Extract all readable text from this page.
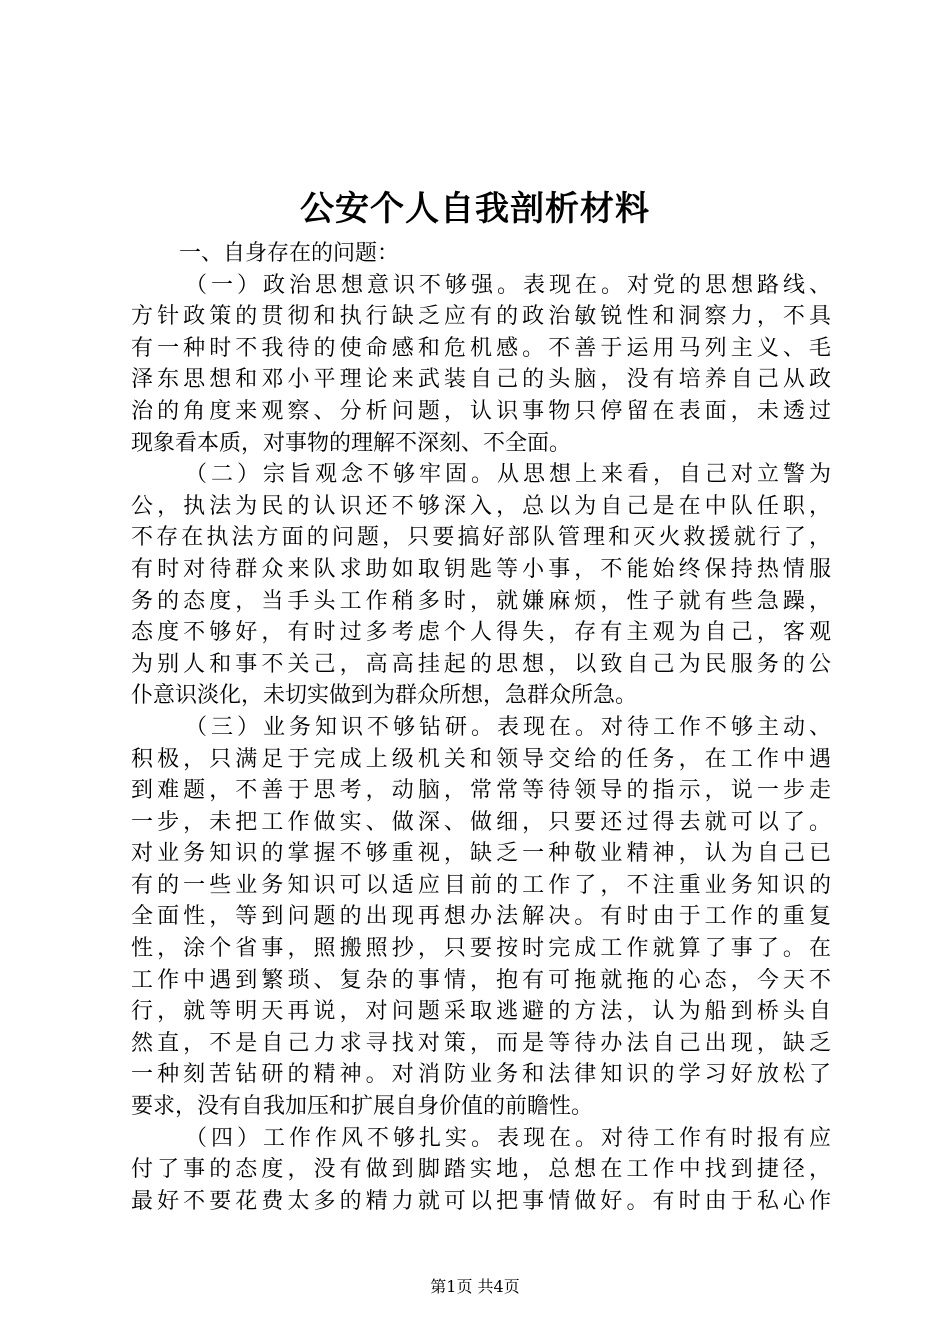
公安个人自我剖析材料
一、自身存在的问题：
（一）政治思想意识不够强。表现在。对党的思想路线、
方针政策的贯彻和执行缺乏应有的政治敏锐性和洞察力，不具
有一种时不我待的使命感和危机感。不善于运用马列主义、毛
泽东思想和邓小平理论来武装自己的头脑，没有培养自己从政
治的角度来观察、分析问题，认识事物只停留在表面，未透过
现象看本质，对事物的理解不深刻、不全面。
（二）宗旨观念不够牢固。从思想上来看，自己对立警为
公，执法为民的认识还不够深入，总以为自己是在中队任职，
不存在执法方面的问题，只要搞好部队管理和灭火救援就行了，
有时对待群众来队求助如取钥匙等小事，不能始终保持热情服
务的态度，当手头工作稍多时，就嫌麻烦，性子就有些急躁，
态度不够好，有时过多考虑个人得失，存有主观为自己，客观
为别人和事不关己，高高挂起的思想，以致自己为民服务的公
仆意识淡化，未切实做到为群众所想，急群众所急。
（三）业务知识不够钻研。表现在。对待工作不够主动、
积极，只满足于完成上级机关和领导交给的任务，在工作中遇
到难题，不善于思考，动脑，常常等待领导的指示，说一步走
一步，未把工作做实、做深、做细，只要还过得去就可以了。
对业务知识的掌握不够重视，缺乏一种敬业精神，认为自己已
有的一些业务知识可以适应目前的工作了，不注重业务知识的
全面性，等到问题的出现再想办法解决。有时由于工作的重复
性，涂个省事，照搬照抄，只要按时完成工作就算了事了。在
工作中遇到繁琐、复杂的事情，抱有可拖就拖的心态，今天不
行，就等明天再说，对问题采取逃避的方法，认为船到桥头自
然直，不是自己力求寻找对策，而是等待办法自己出现，缺乏
一种刻苦钻研的精神。对消防业务和法律知识的学习好放松了
要求，没有自我加压和扩展自身价值的前瞻性。
（四）工作作风不够扎实。表现在。对待工作有时报有应
付了事的态度，没有做到脚踏实地，总想在工作中找到捷径，
最好不要花费太多的精力就可以把事情做好。有时由于私心作
第1页 共4页
